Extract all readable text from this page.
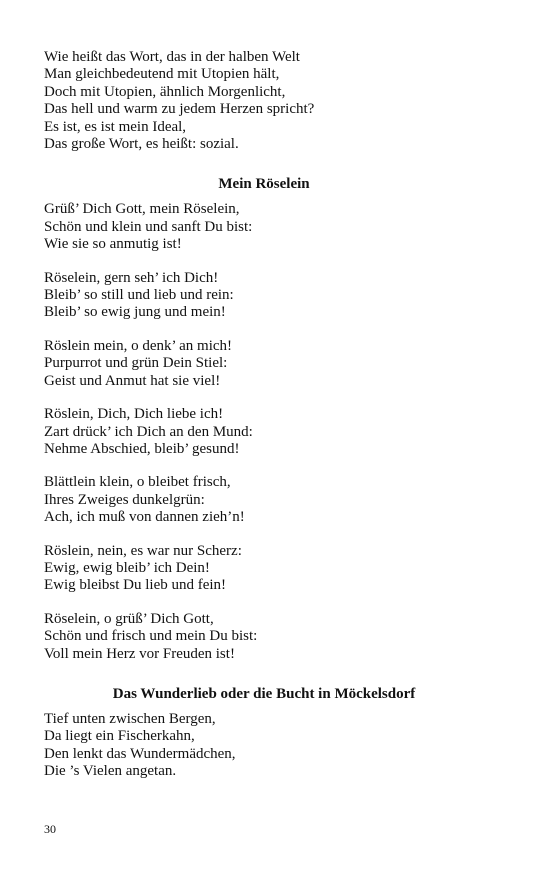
Wie heißt das Wort, das in der halben Welt
Man gleichbedeutend mit Utopien hält,
Doch mit Utopien, ähnlich Morgenlicht,
Das hell und warm zu jedem Herzen spricht?
Es ist, es ist mein Ideal,
Das große Wort, es heißt: sozial.
Mein Röselein
Grüß’ Dich Gott, mein Röselein,
Schön und klein und sanft Du bist:
Wie sie so anmutig ist!
Röselein, gern seh’ ich Dich!
Bleib’ so still und lieb und rein:
Bleib’ so ewig jung und mein!
Röslein mein, o denk’ an mich!
Purpurrot und grün Dein Stiel:
Geist und Anmut hat sie viel!
Röslein, Dich, Dich liebe ich!
Zart drück’ ich Dich an den Mund:
Nehme Abschied, bleib’ gesund!
Blättlein klein, o bleibet frisch,
Ihres Zweiges dunkelgrün:
Ach, ich muß von dannen zieh’n!
Röslein, nein, es war nur Scherz:
Ewig, ewig bleib’ ich Dein!
Ewig bleibst Du lieb und fein!
Röselein, o grüß’ Dich Gott,
Schön und frisch und mein Du bist:
Voll mein Herz vor Freuden ist!
Das Wunderlieb oder die Bucht in Möckelsdorf
Tief unten zwischen Bergen,
Da liegt ein Fischerkahn,
Den lenkt das Wundermädchen,
Die ’s Vielen angetan.
30
